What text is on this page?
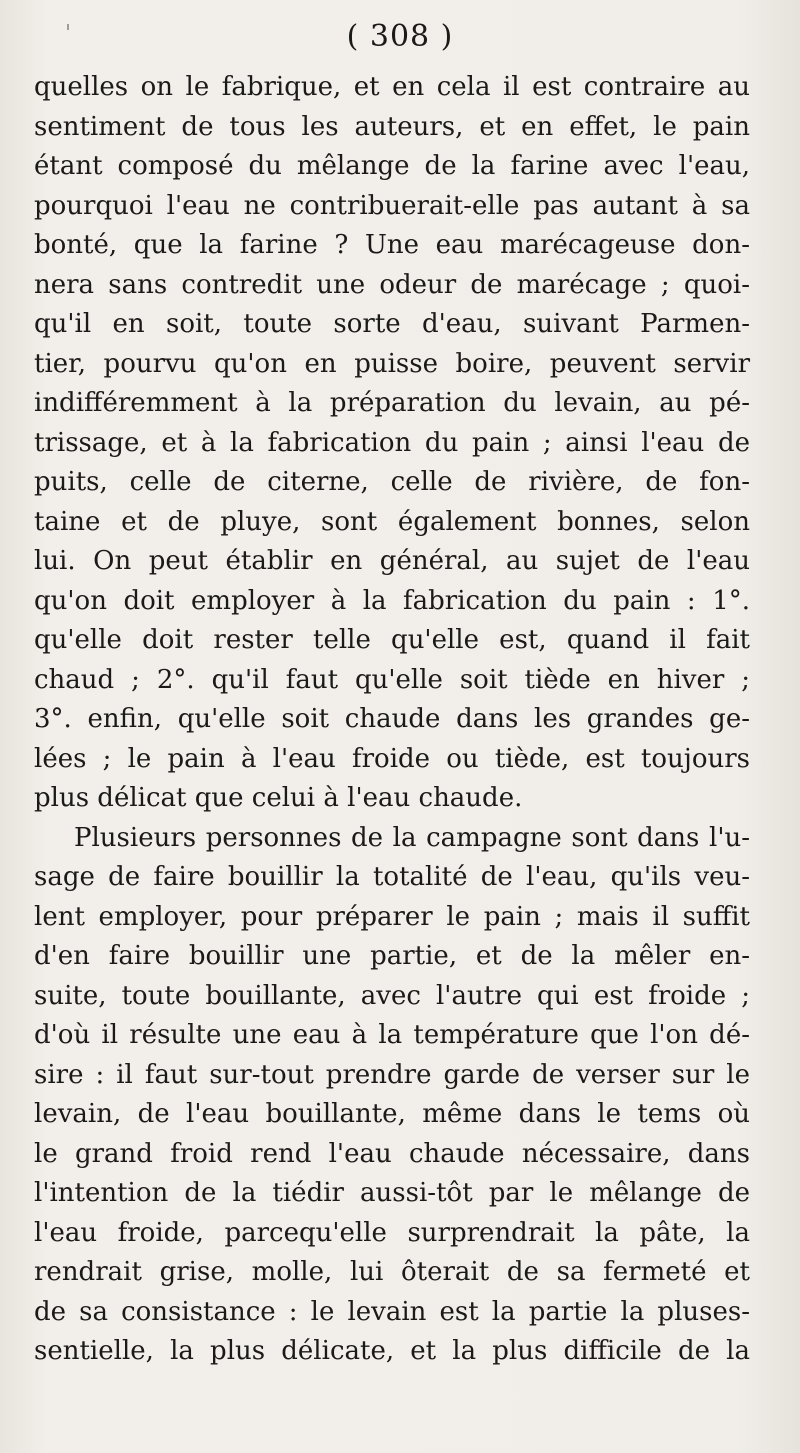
( 308 )
quelles on le fabrique, et en cela il est contraire au
sentiment de tous les auteurs, et en effet, le pain
étant composé du mêlange de la farine avec l'eau,
pourquoi l'eau ne contribuerait-elle pas autant à sa
bonté, que la farine ? Une eau marécageuse don-
nera sans contredit une odeur de marécage ; quoi-
qu'il en soit, toute sorte d'eau, suivant Parmen-
tier, pourvu qu'on en puisse boire, peuvent servir
indifféremment à la préparation du levain, au pé-
trissage, et à la fabrication du pain ; ainsi l'eau de
puits, celle de citerne, celle de rivière, de fon-
taine et de pluye, sont également bonnes, selon
lui. On peut établir en général, au sujet de l'eau
qu'on doit employer à la fabrication du pain : 1°.
qu'elle doit rester telle qu'elle est, quand il fait
chaud ; 2°. qu'il faut qu'elle soit tiède en hiver ;
3°. enfin, qu'elle soit chaude dans les grandes ge-
lées ; le pain à l'eau froide ou tiède, est toujours
plus délicat que celui à l'eau chaude.
Plusieurs personnes de la campagne sont dans l'u-
sage de faire bouillir la totalité de l'eau, qu'ils veu-
lent employer, pour préparer le pain ; mais il suffit
d'en faire bouillir une partie, et de la mêler en-
suite, toute bouillante, avec l'autre qui est froide ;
d'où il résulte une eau à la température que l'on dé-
sire : il faut sur-tout prendre garde de verser sur le
levain, de l'eau bouillante, même dans le tems où
le grand froid rend l'eau chaude nécessaire, dans
l'intention de la tiédir aussi-tôt par le mêlange de
l'eau froide, parcequ'elle surprendrait la pâte, la
rendrait grise, molle, lui ôterait de sa fermeté et
de sa consistance : le levain est la partie la pluses-
sentielle, la plus délicate, et la plus difficile de la
